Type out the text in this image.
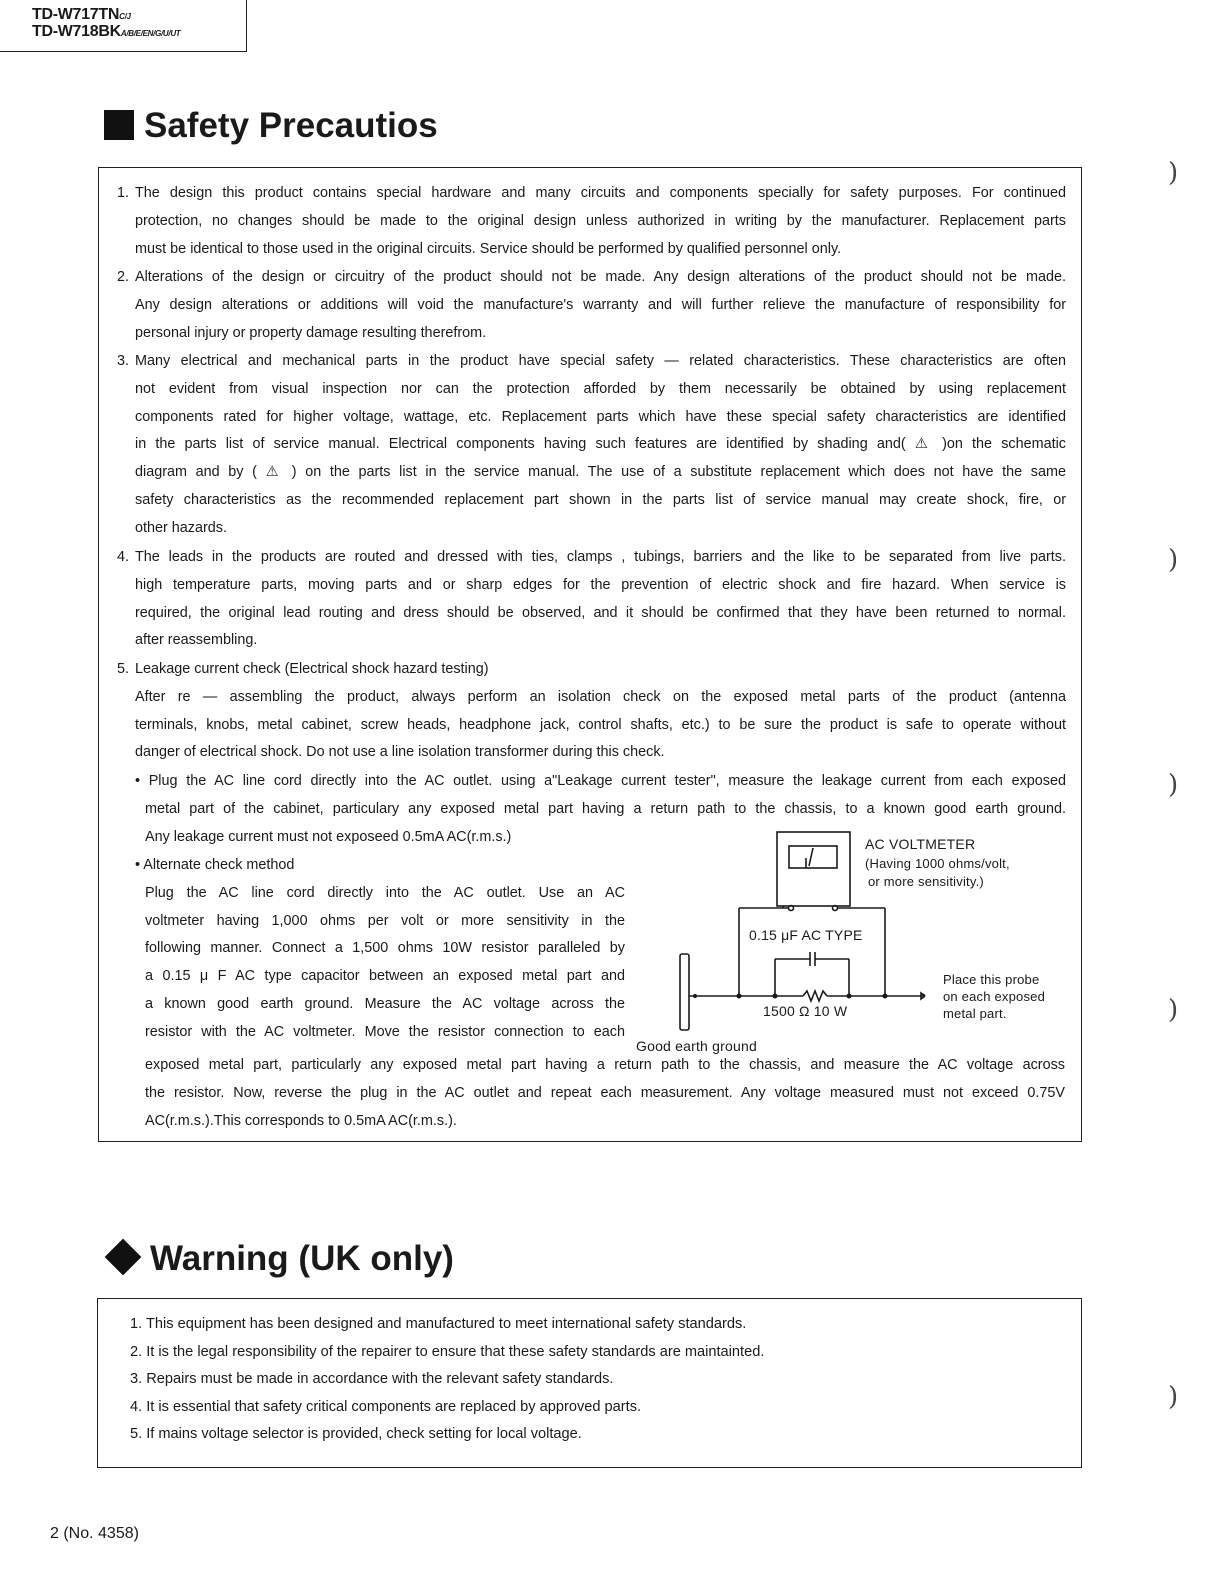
TD-W717TNC/J
TD-W718BKA/B/E/EN/G/U/UT
Safety Precautios
1. The design this product contains special hardware and many circuits and components specially for safety purposes. For continued
protection, no changes should be made to the original design unless authorized in writing by the manufacturer. Replacement parts
must be identical to those used in the original circuits. Service should be performed by qualified personnel only.
2. Alterations of the design or circuitry of the product should not be made. Any design alterations of the product should not be made.
Any design alterations or additions will void the manufacture's warranty and will further relieve the manufacture of responsibility for
personal injury or property damage resulting therefrom.
3. Many electrical and mechanical parts in the product have special safety — related characteristics. These characteristics are often
not evident from visual inspection nor can the protection afforded by them necessarily be obtained by using replacement
components rated for higher voltage, wattage, etc. Replacement parts which have these special safety characteristics are identified
in the parts list of service manual. Electrical components having such features are identified by shading and( ⚠ )on the schematic
diagram and by ( ⚠ ) on the parts list in the service manual. The use of a substitute replacement which does not have the same
safety characteristics as the recommended replacement part shown in the parts list of service manual may create shock, fire, or
other hazards.
4. The leads in the products are routed and dressed with ties, clamps , tubings, barriers and the like to be separated from live parts.
high temperature parts, moving parts and or sharp edges for the prevention of electric shock and fire hazard. When service is
required, the original lead routing and dress should be observed, and it should be confirmed that they have been returned to normal.
after reassembling.
5. Leakage current check (Electrical shock hazard testing)
After re — assembling the product, always perform an isolation check on the exposed metal parts of the product (antenna
terminals, knobs, metal cabinet, screw heads, headphone jack, control shafts, etc.) to be sure the product is safe to operate without
danger of electrical shock. Do not use a line isolation transformer during this check.
• Plug the AC line cord directly into the AC outlet. using a"Leakage current tester", measure the leakage current from each exposed
metal part of the cabinet, particulary any exposed metal part having a return path to the chassis, to a known good earth ground.
Any leakage current must not exposeed 0.5mA AC(r.m.s.)
• Alternate check method
Plug the AC line cord directly into the AC outlet. Use an AC
voltmeter having 1,000 ohms per volt or more sensitivity in the
following manner. Connect a 1,500 ohms 10W resistor paralleled by
a 0.15 μ F AC type capacitor between an exposed metal part and
a known good earth ground. Measure the AC voltage across the
resistor with the AC voltmeter. Move the resistor connection to each
exposed metal part, particularly any exposed metal part having a return path to the chassis, and measure the AC voltage across
the resistor. Now, reverse the plug in the AC outlet and repeat each measurement. Any voltage measured must not exceed 0.75V
AC(r.m.s.).This corresponds to 0.5mA AC(r.m.s.).
AC VOLTMETER
(Having 1000 ohms/volt,
or more sensitivity.)
0.15 μF AC TYPE
1500 Ω 10 W
Place this probe
on each exposed
metal part.
Good earth ground
Warning (UK only)
1. This equipment has been designed and manufactured to meet international safety standards.
2. It is the legal responsibility of the repairer to ensure that these safety standards are maintainted.
3. Repairs must be made in accordance with the relevant safety standards.
4. It is essential that safety critical components are replaced by approved parts.
5. If mains voltage selector is provided, check setting for local voltage.
)
)
)
)
)
2 (No. 4358)
